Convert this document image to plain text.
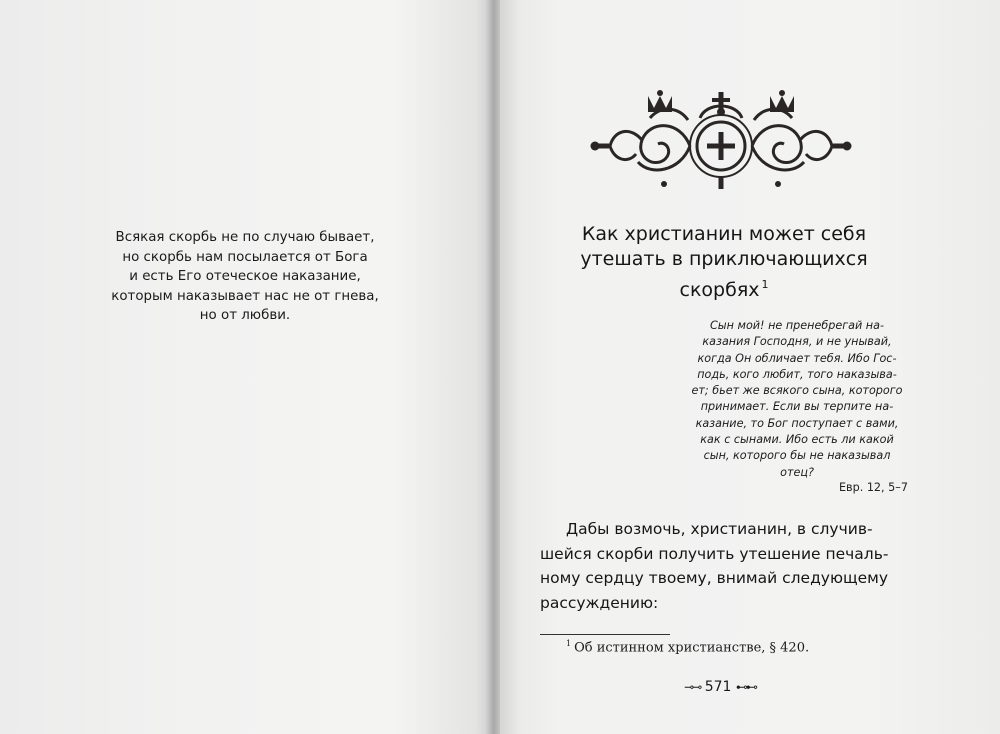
Всякая скорбь не по случаю бывает,
но скорбь нам посылается от Бога
и есть Его отеческое наказание,
которым наказывает нас не от гнева,
но от любви.
Как христианин может себя
утешать в приключающихся
скорбях $^1$
Сын мой! не пренебрегай на-
казания Господня, и не унывай,
когда Он обличает тебя. Ибо Гос-
подь, кого любит, того наказыва-
ет; бьет же всякого сына, которого
принимает. Если вы терпите на-
казание, то Бог поступает с вами,
как с сынами. Ибо есть ли какой
сын, которого бы не наказывал
отец?
Евр. 12, 5–7
Дабы возмочь, христианин, в случив-
шейся скорби получить утешение печаль-
ному сердцу твоему, внимай следующему
рассуждению:
$^1$ Об истинном христианстве, § 420.
⊸⊸ 571 ⊷⊷
